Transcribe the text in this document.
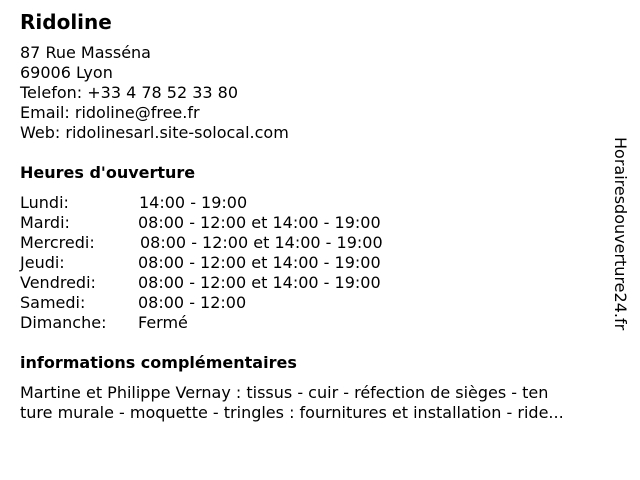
Ridoline
87 Rue Masséna
69006 Lyon
Telefon: +33 4 78 52 33 80
Email: ridoline@free.fr
Web: ridolinesarl.site-solocal.com
Heures d'ouverture
Lundi:	14:00 - 19:00
Mardi:	08:00 - 12:00 et 14:00 - 19:00
Mercredi:	08:00 - 12:00 et 14:00 - 19:00
Jeudi:	08:00 - 12:00 et 14:00 - 19:00
Vendredi:	08:00 - 12:00 et 14:00 - 19:00
Samedi:	08:00 - 12:00
Dimanche: Fermé
informations complémentaires
Martine et Philippe Vernay : tissus - cuir - réfection de sièges - ten
ture murale - moquette - tringles : fournitures et installation - ride...
Horairesdouverture24.fr
